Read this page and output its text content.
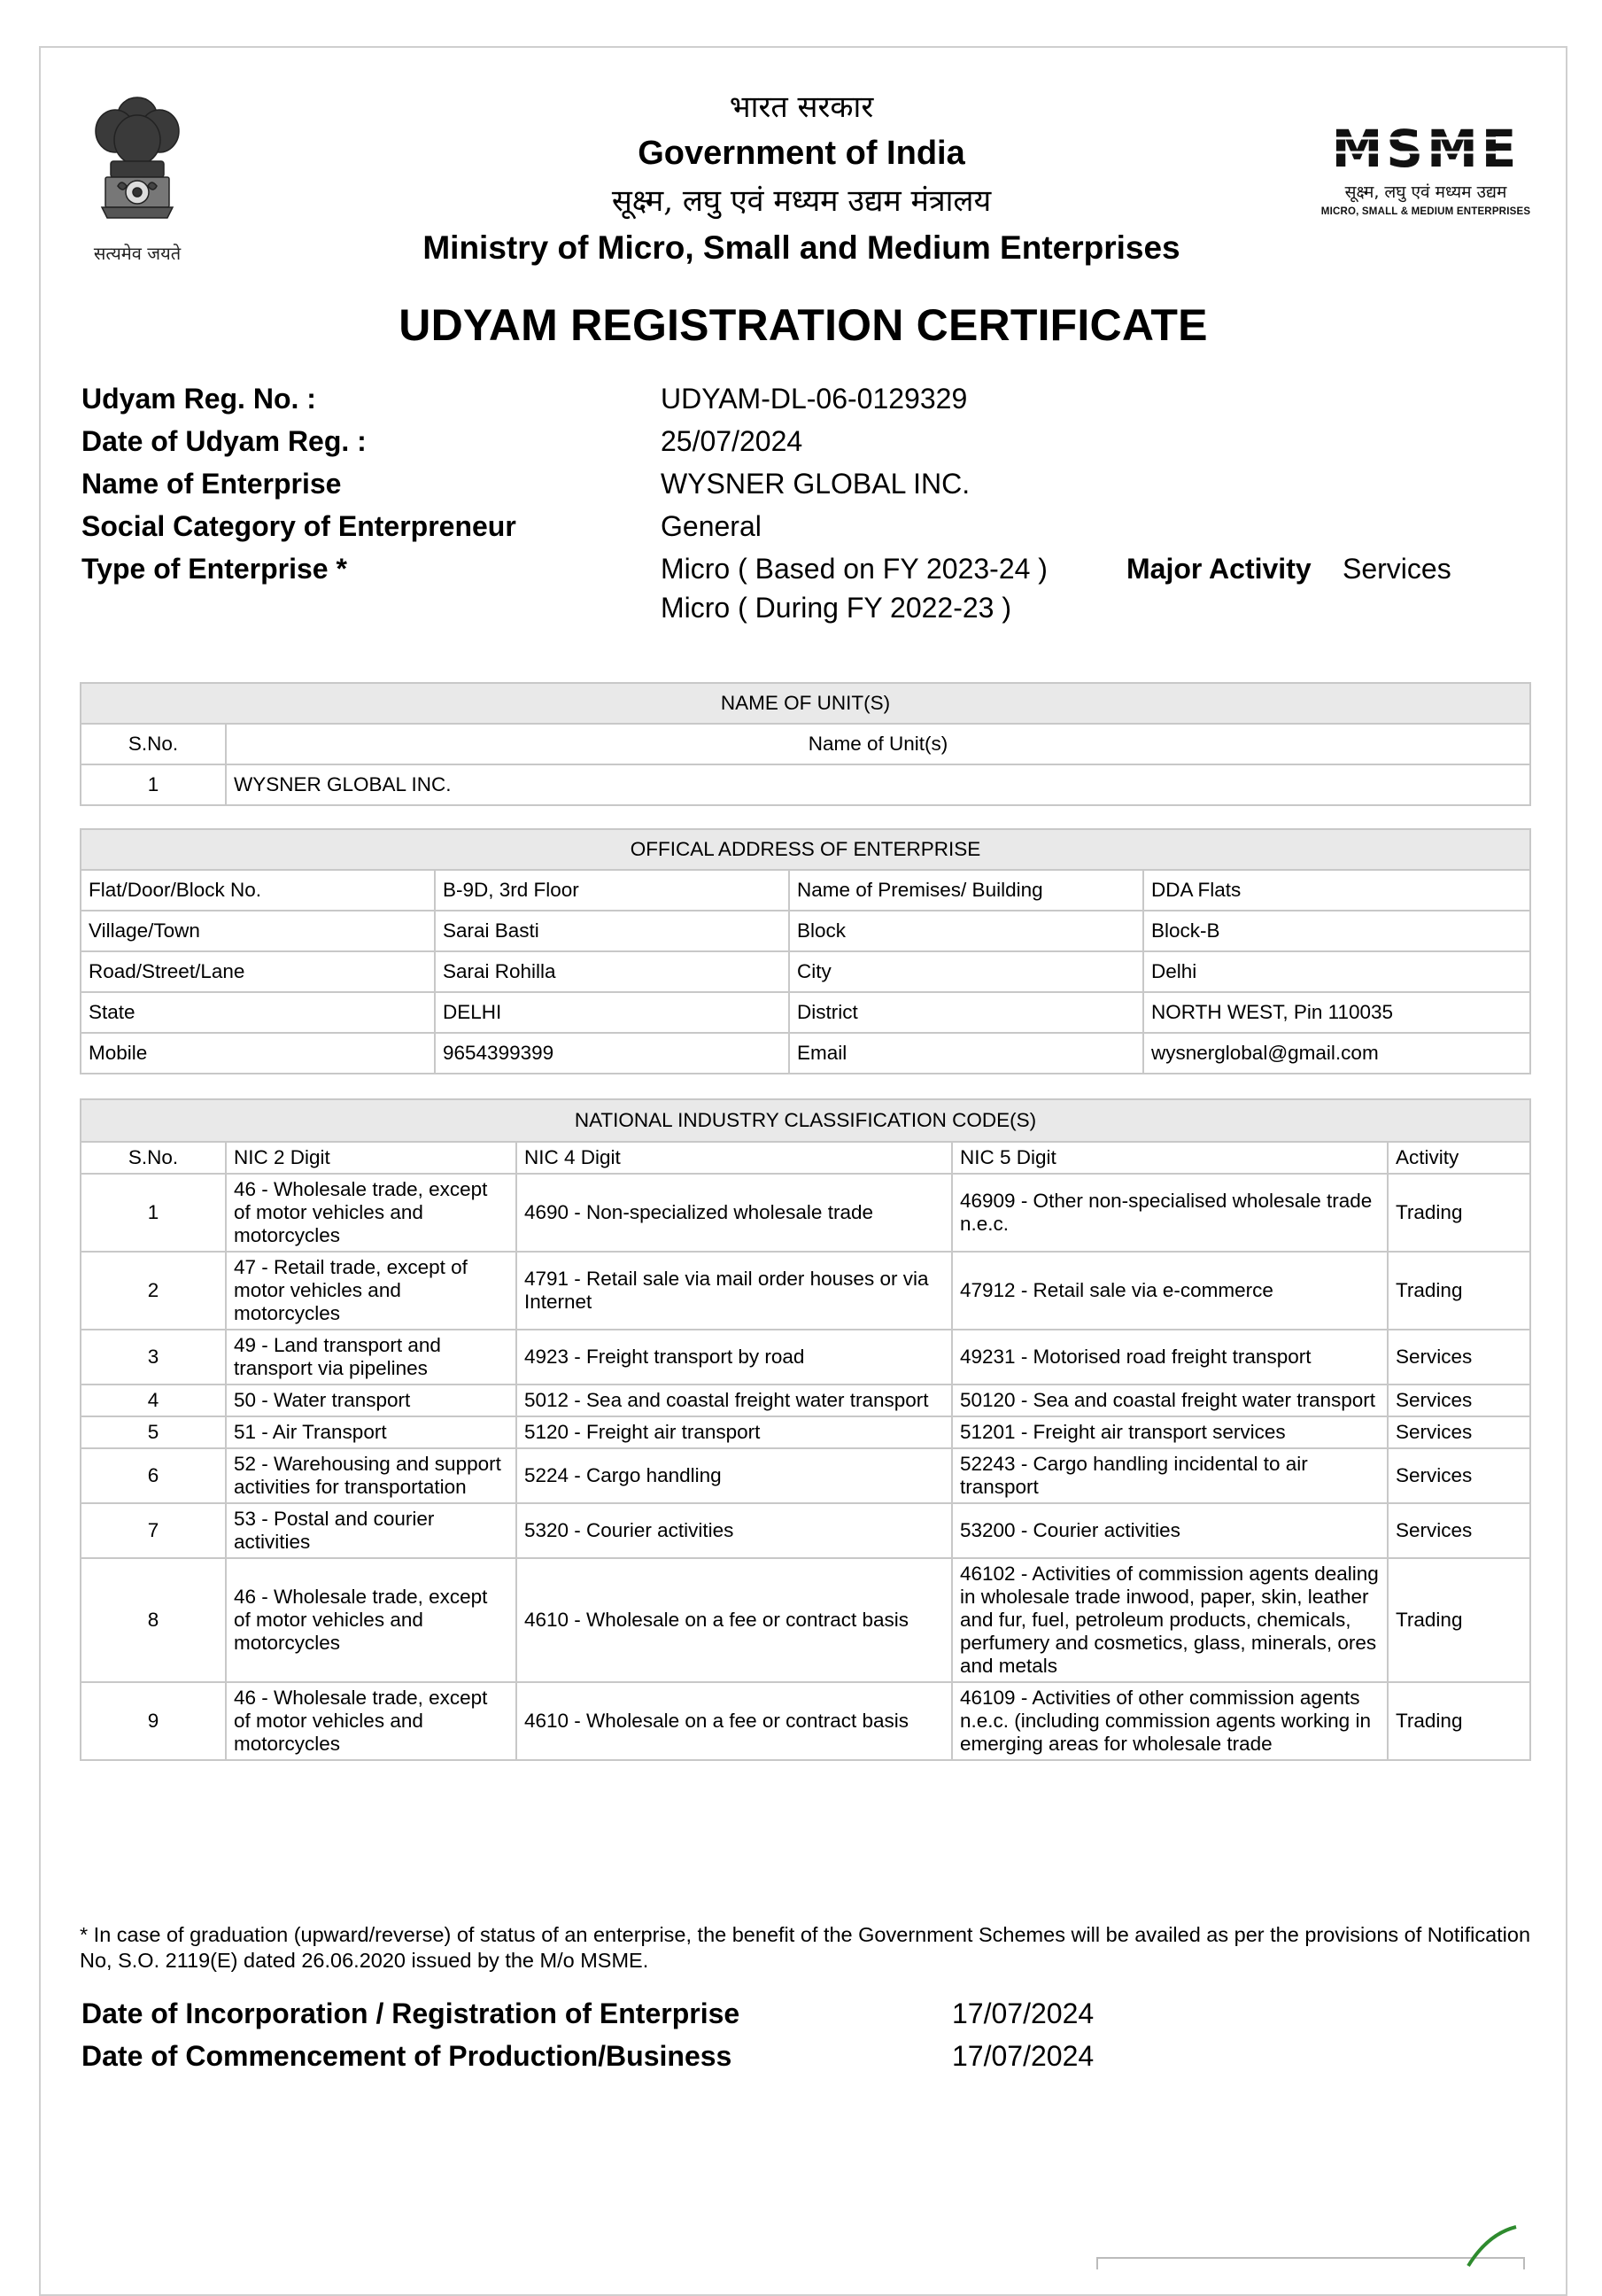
सत्यमेव जयते
भारत सरकार
Government of India
सूक्ष्म, लघु एवं मध्यम उद्यम मंत्रालय
Ministry of Micro, Small and Medium Enterprises
MSME
सूक्ष्म, लघु एवं मध्यम उद्यम
MICRO, SMALL & MEDIUM ENTERPRISES
UDYAM REGISTRATION CERTIFICATE
Udyam Reg. No. :	UDYAM-DL-06-0129329
Date of Udyam Reg. :	25/07/2024
Name of Enterprise	WYSNER GLOBAL INC.
Social Category of Enterpreneur	General
Type of Enterprise *	Micro ( Based on FY 2023-24 )
Micro ( During FY 2022-23 )
Major Activity Services
NAME OF UNIT(S)	
S.No.	Name of Unit(s)
1	WYSNER GLOBAL INC.
OFFICAL ADDRESS OF ENTERPRISE			
Flat/Door/Block No.	B-9D, 3rd Floor	Name of Premises/ Building	DDA Flats
Village/Town	Sarai Basti	Block	Block-B
Road/Street/Lane	Sarai Rohilla	City	Delhi
State	DELHI	District	NORTH WEST, Pin 110035
Mobile	9654399399	Email	wysnerglobal@gmail.com
NATIONAL INDUSTRY CLASSIFICATION CODE(S)				
S.No.	NIC 2 Digit	NIC 4 Digit	NIC 5 Digit	Activity
1	46 - Wholesale trade, except of motor vehicles and motorcycles	4690 - Non-specialized wholesale trade	46909 - Other non-specialised wholesale trade n.e.c.	Trading
2	47 - Retail trade, except of motor vehicles and motorcycles	4791 - Retail sale via mail order houses or via Internet	47912 - Retail sale via e-commerce	Trading
3	49 - Land transport and transport via pipelines	4923 - Freight transport by road	49231 - Motorised road freight transport	Services
4	50 - Water transport	5012 - Sea and coastal freight water transport	50120 - Sea and coastal freight water transport	Services
5	51 - Air Transport	5120 - Freight air transport	51201 - Freight air transport services	Services
6	52 - Warehousing and support activities for transportation	5224 - Cargo handling	52243 - Cargo handling incidental to air transport	Services
7	53 - Postal and courier activities	5320 - Courier activities	53200 - Courier activities	Services
8	46 - Wholesale trade, except of motor vehicles and motorcycles	4610 - Wholesale on a fee or contract basis	46102 - Activities of commission agents dealing in wholesale trade inwood, paper, skin, leather and fur, fuel, petroleum products, chemicals, perfumery and cosmetics, glass, minerals, ores and metals	Trading
9	46 - Wholesale trade, except of motor vehicles and motorcycles	4610 - Wholesale on a fee or contract basis	46109 - Activities of other commission agents n.e.c. (including commission agents working in emerging areas for wholesale trade	Trading
* In case of graduation (upward/reverse) of status of an enterprise, the benefit of the Government Schemes will be availed as per the provisions of Notification No, S.O. 2119(E) dated 26.06.2020 issued by the M/o MSME.
Date of Incorporation / Registration of Enterprise	17/07/2024
Date of Commencement of Production/Business	17/07/2024
